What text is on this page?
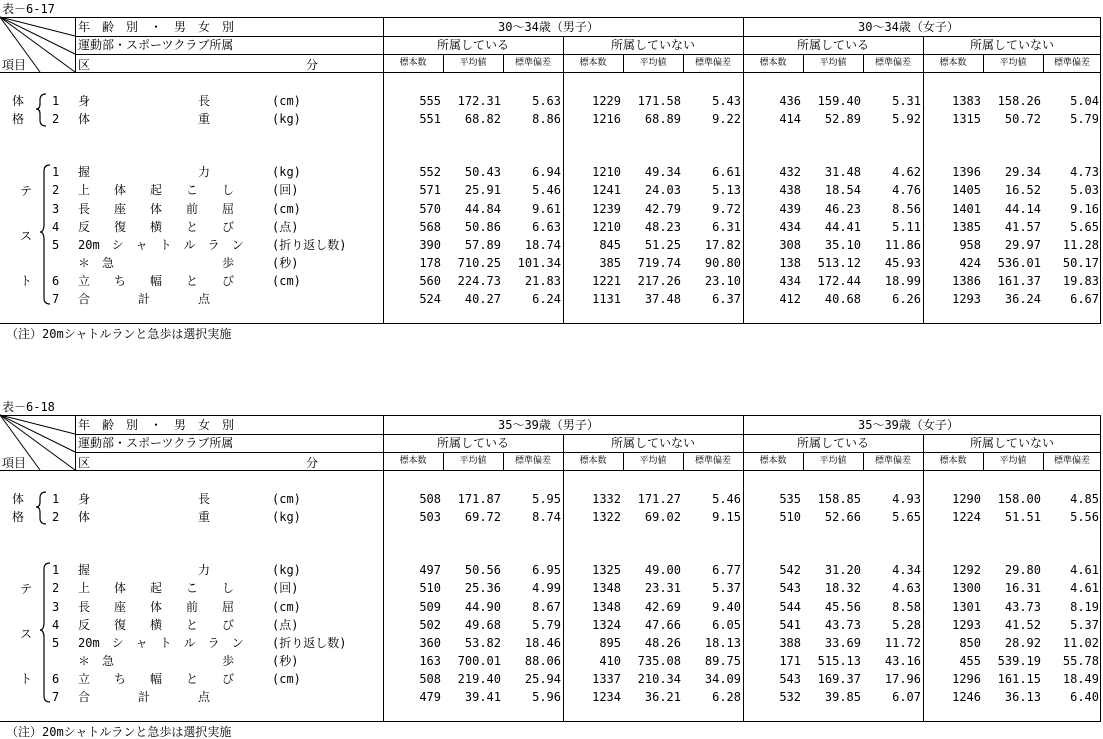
表－6-17
年　齢　別　・　男　女　別
運動部・スポーツクラブ所属
項目	区	分
30～34歳（男子）	30～34歳（女子）
所属している
標本数	平均値	標準偏差
所属していない
標本数	平均値	標準偏差
所属している
標本数	平均値	標準偏差
所属していない
標本数	平均値	標準偏差
体
格
テ
ス
ト
1 身　　　　　　　　　長	(cm)	555	172.31	5.63	1229	171.58	5.43	436	159.40	5.31	1383	158.26	5.04
2 体　　　　　　　　　重	(kg)	551	68.82	8.86	1216	68.89	9.22	414	52.89	5.92	1315	50.72	5.79
1 握　　　　　　　　　力	(kg)	552	50.43	6.94	1210	49.34	6.61	432	31.48	4.62	1396	29.34	4.73
2 上　　体　　起　　こ　　し	(回)	571	25.91	5.46	1241	24.03	5.13	438	18.54	4.76	1405	16.52	5.03
3 長　　座　　体　　前　　屈	(cm)	570	44.84	9.61	1239	42.79	9.72	439	46.23	8.56	1401	44.14	9.16
4 反　　復　　横　　と　　び	(点)	568	50.86	6.63	1210	48.23	6.31	434	44.41	5.11	1385	41.57	5.65
5 20m　シ　ャ　ト　ル　ラ　ン (折り返し数)	390	57.89	18.74	845	51.25	17.82	308	35.10	11.86	958	29.97	11.28
＊　急　　　　　　　　　歩	(秒)	178	710.25	101.34	385	719.74	90.80	138	513.12	45.93	424	536.01	50.17
6 立　　ち　　幅　　と　　び	(cm)	560	224.73	21.83	1221	217.26	23.10	434	172.44	18.99	1386	161.37	19.83
7 合　　　　計　　　　点	524	40.27	6.24	1131	37.48	6.37	412	40.68	6.26	1293	36.24	6.67
（注）20mシャトルランと急歩は選択実施
表－6-18
年　齢　別　・　男　女　別
運動部・スポーツクラブ所属
項目	区	分
35～39歳（男子）	35～39歳（女子）
所属している
標本数	平均値	標準偏差
所属していない
標本数	平均値	標準偏差
所属している
標本数	平均値	標準偏差
所属していない
標本数	平均値	標準偏差
体
格
テ
ス
ト
1 身　　　　　　　　　長	(cm)	508	171.87	5.95	1332	171.27	5.46	535	158.85	4.93	1290	158.00	4.85
2 体　　　　　　　　　重	(kg)	503	69.72	8.74	1322	69.02	9.15	510	52.66	5.65	1224	51.51	5.56
1 握　　　　　　　　　力	(kg)	497	50.56	6.95	1325	49.00	6.77	542	31.20	4.34	1292	29.80	4.61
2 上　　体　　起　　こ　　し	(回)	510	25.36	4.99	1348	23.31	5.37	543	18.32	4.63	1300	16.31	4.61
3 長　　座　　体　　前　　屈	(cm)	509	44.90	8.67	1348	42.69	9.40	544	45.56	8.58	1301	43.73	8.19
4 反　　復　　横　　と　　び	(点)	502	49.68	5.79	1324	47.66	6.05	541	43.73	5.28	1293	41.52	5.37
5 20m　シ　ャ　ト　ル　ラ　ン (折り返し数)	360	53.82	18.46	895	48.26	18.13	388	33.69	11.72	850	28.92	11.02
＊　急　　　　　　　　　歩	(秒)	163	700.01	88.06	410	735.08	89.75	171	515.13	43.16	455	539.19	55.78
6 立　　ち　　幅　　と　　び	(cm)	508	219.40	25.94	1337	210.34	34.09	543	169.37	17.96	1296	161.15	18.49
7 合　　　　計　　　　点	479	39.41	5.96	1234	36.21	6.28	532	39.85	6.07	1246	36.13	6.40
（注）20mシャトルランと急歩は選択実施
